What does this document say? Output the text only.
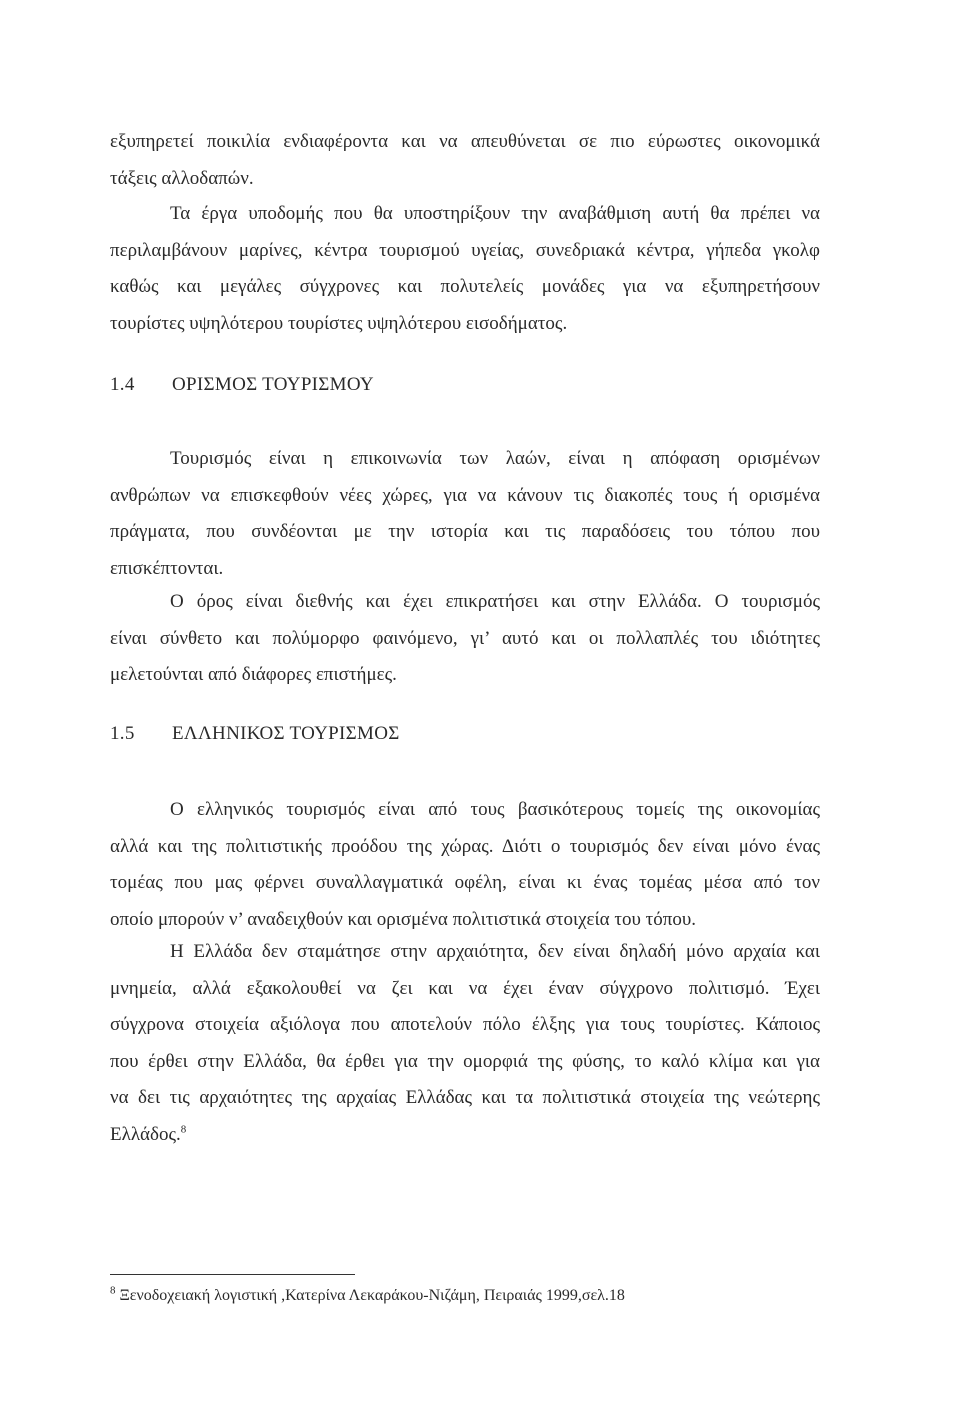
εξυπηρετεί ποικιλία ενδιαφέροντα και να απευθύνεται σε πιο εύρωστες οικονομικά
τάξεις αλλοδαπών.

Τα έργα υποδομής που θα υποστηρίξουν την αναβάθμιση αυτή θα πρέπει να
περιλαμβάνουν μαρίνες, κέντρα τουρισμού υγείας, συνεδριακά κέντρα, γήπεδα γκολφ
καθώς και μεγάλες σύγχρονες και πολυτελείς μονάδες για να εξυπηρετήσουν
τουρίστες υψηλότερου τουρίστες υψηλότερου εισοδήματος.

1.4 ΟΡΙΣΜΟΣ ΤΟΥΡΙΣΜΟΥ

Τουρισμός είναι η επικοινωνία των λαών, είναι η απόφαση ορισμένων
ανθρώπων να επισκεφθούν νέες χώρες, για να κάνουν τις διακοπές τους ή ορισμένα
πράγματα, που συνδέονται με την ιστορία και τις παραδόσεις του τόπου που
επισκέπτονται.

Ο όρος είναι διεθνής και έχει επικρατήσει και στην Ελλάδα. Ο τουρισμός
είναι σύνθετο και πολύμορφο φαινόμενο, γι’ αυτό και οι πολλαπλές του ιδιότητες
μελετούνται από διάφορες επιστήμες.

1.5 ΕΛΛΗΝΙΚΟΣ ΤΟΥΡΙΣΜΟΣ

Ο ελληνικός τουρισμός είναι από τους βασικότερους τομείς της οικονομίας
αλλά και της πολιτιστικής προόδου της χώρας. Διότι ο τουρισμός δεν είναι μόνο ένας
τομέας που μας φέρνει συναλλαγματικά οφέλη, είναι κι ένας τομέας μέσα από τον
οποίο μπορούν ν’ αναδειχθούν και ορισμένα πολιτιστικά στοιχεία του τόπου.

Η Ελλάδα δεν σταμάτησε στην αρχαιότητα, δεν είναι δηλαδή μόνο αρχαία και
μνημεία, αλλά εξακολουθεί να ζει και να έχει έναν σύγχρονο πολιτισμό. Έχει
σύγχρονα στοιχεία αξιόλογα που αποτελούν πόλο έλξης για τους τουρίστες. Κάποιος
που έρθει στην Ελλάδα, θα έρθει για την ομορφιά της φύσης, το καλό κλίμα και για
να δει τις αρχαιότητες της αρχαίας Ελλάδας και τα πολιτιστικά στοιχεία της νεώτερης
Ελλάδος.$^8$

$^8$ Ξενοδοχειακή λογιστική ,Κατερίνα Λεκαράκου-Νιζάμη, Πειραιάς 1999,σελ.18
